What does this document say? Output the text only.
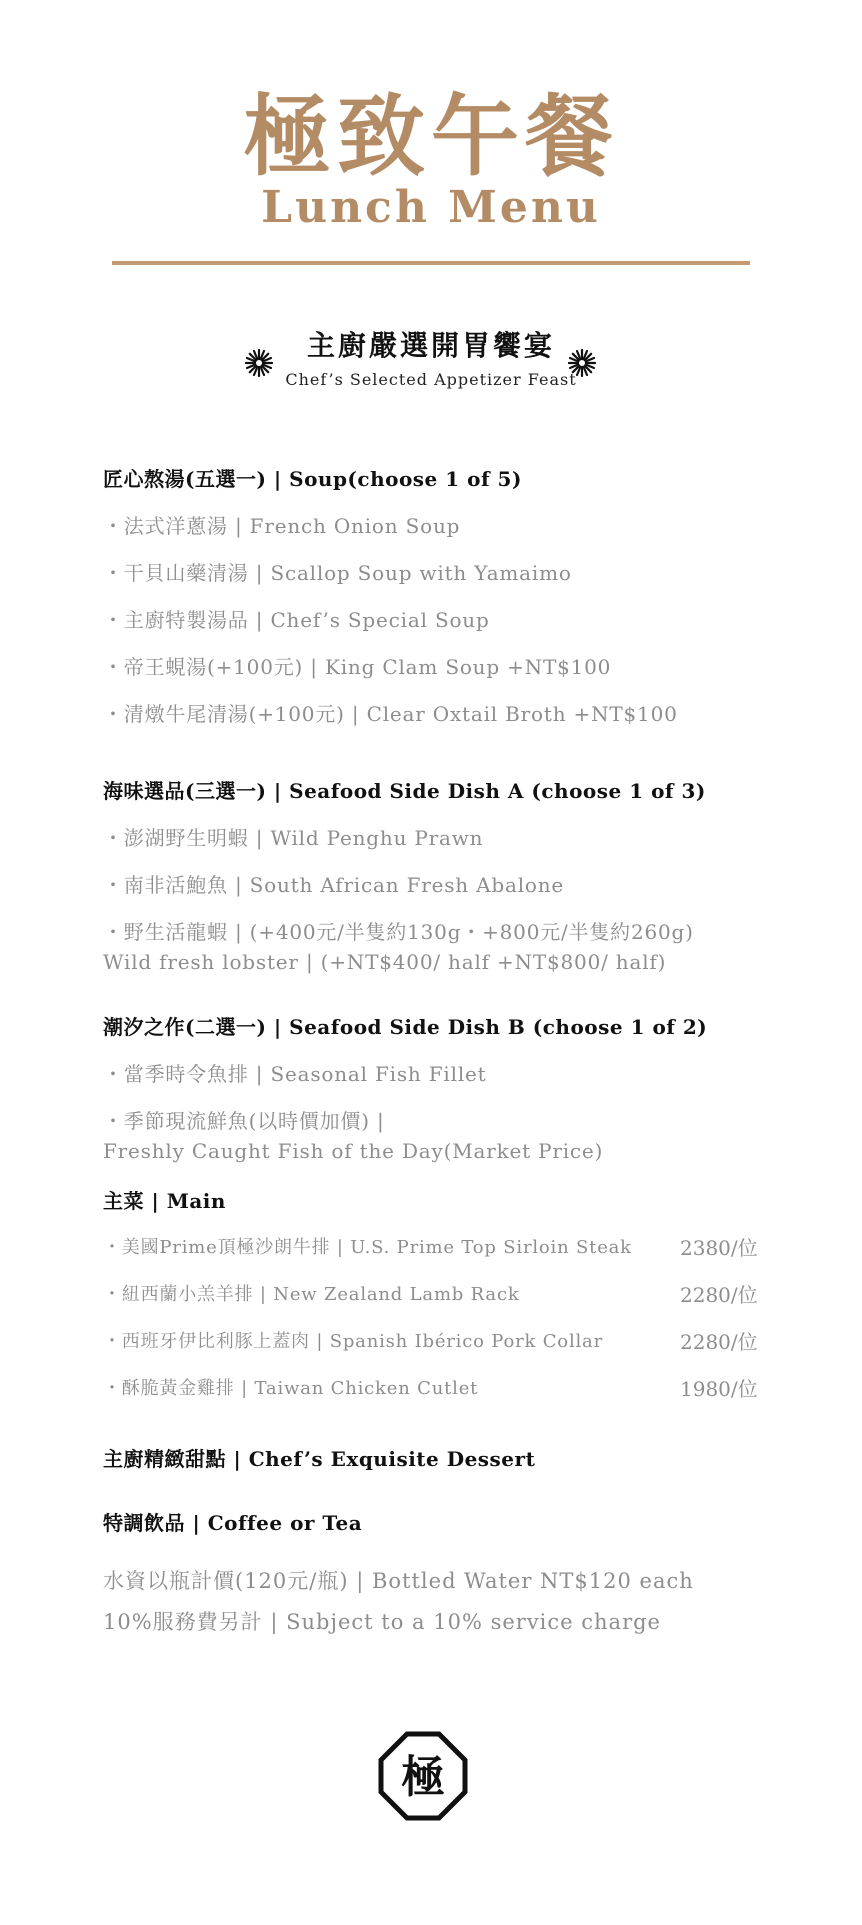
極致午餐
Lunch Menu
主廚嚴選開胃饗宴
Chef’s Selected Appetizer Feast
匠心熬湯(五選一) | Soup(choose 1 of 5)
・法式洋蔥湯 | French Onion Soup
・干貝山藥清湯 | Scallop Soup with Yamaimo
・主廚特製湯品 | Chef’s Special Soup
・帝王蜆湯(+100元) | King Clam Soup +NT$100
・清燉牛尾清湯(+100元) | Clear Oxtail Broth +NT$100
海味選品(三選一) | Seafood Side Dish A (choose 1 of 3)
・澎湖野生明蝦 | Wild Penghu Prawn
・南非活鮑魚 | South African Fresh Abalone
・野生活龍蝦 | (+400元/半隻約130g・+800元/半隻約260g)
Wild fresh lobster | (+NT$400/ half +NT$800/ half)
潮汐之作(二選一) | Seafood Side Dish B (choose 1 of 2)
・當季時令魚排 | Seasonal Fish Fillet
・季節現流鮮魚(以時價加價) |
Freshly Caught Fish of the Day(Market Price)
主菜 | Main
・美國Prime頂極沙朗牛排 | U.S. Prime Top Sirloin Steak 2380/位
・紐西蘭小羔羊排 | New Zealand Lamb Rack	2280/位
・西班牙伊比利豚上蓋肉 | Spanish Ibérico Pork Collar	2280/位
・酥脆黃金雞排 | Taiwan Chicken Cutlet	1980/位
主廚精緻甜點 | Chef’s Exquisite Dessert
特調飲品 | Coffee or Tea
水資以瓶計價(120元/瓶) | Bottled Water NT$120 each
10%服務費另計 | Subject to a 10% service charge
極
